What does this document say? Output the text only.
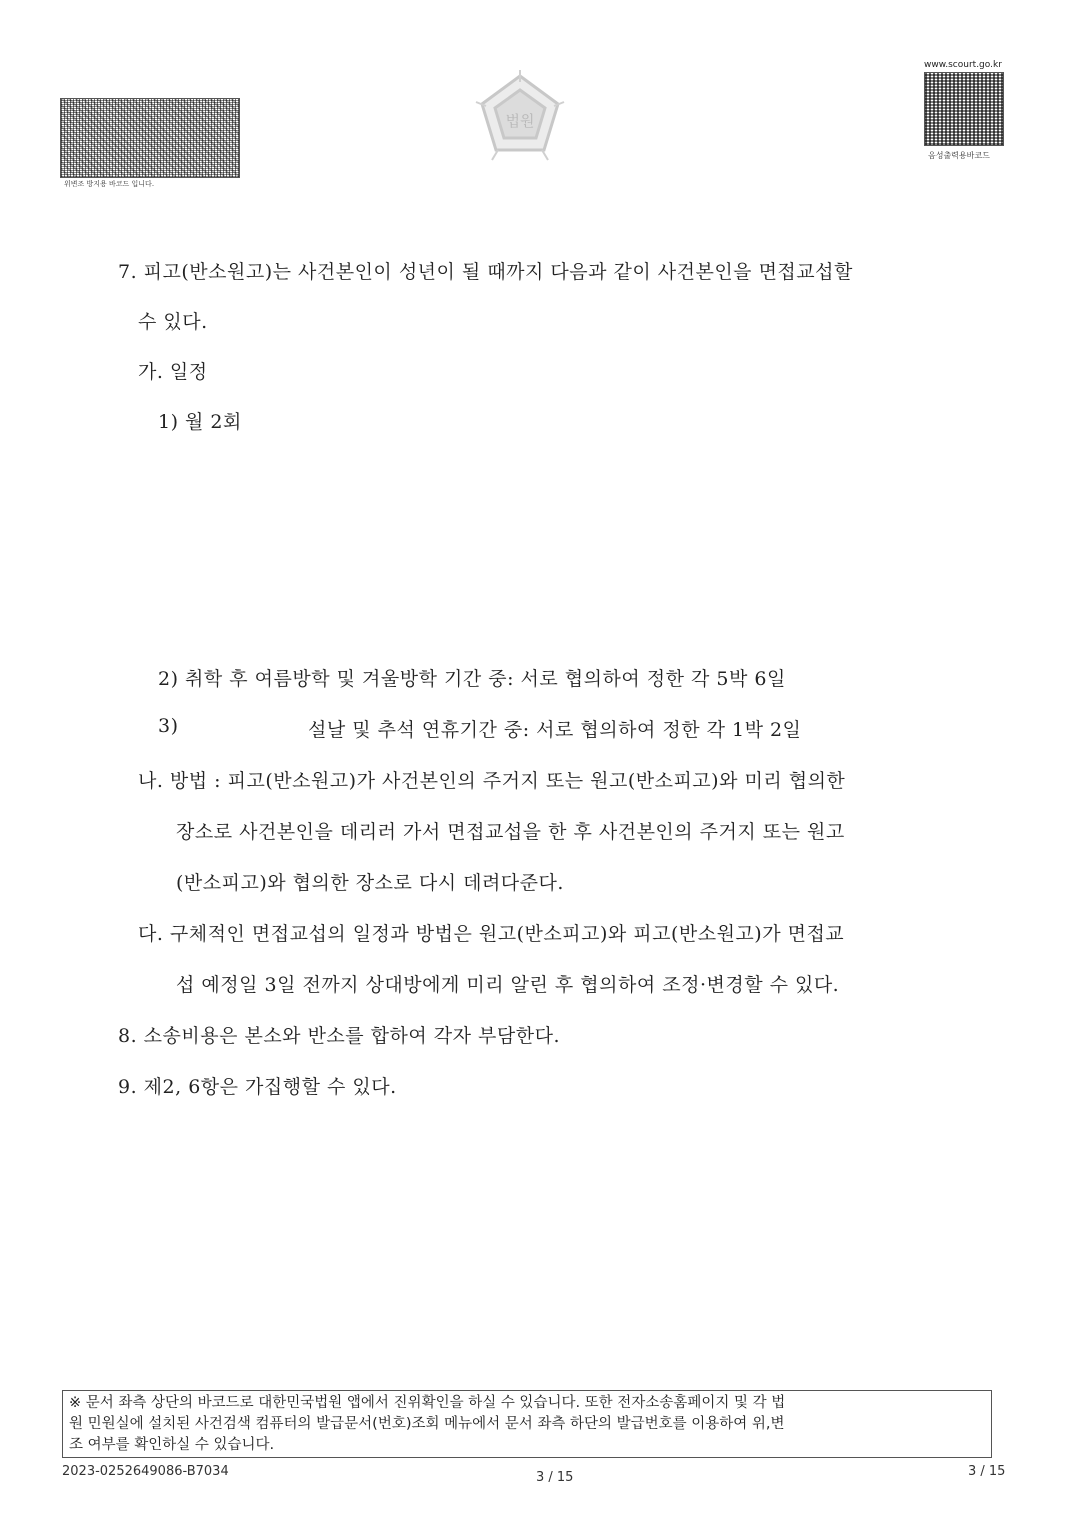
위변조 방지용 바코드 입니다.
법원
www.scourt.go.kr
음성출력용바코드
7. 피고(반소원고)는 사건본인이 성년이 될 때까지 다음과 같이 사건본인을 면접교섭할
수 있다.
가. 일정
1) 월 2회
2) 취학 후 여름방학 및 겨울방학 기간 중: 서로 협의하여 정한 각 5박 6일
3)	설날 및 추석 연휴기간 중: 서로 협의하여 정한 각 1박 2일
나. 방법 : 피고(반소원고)가 사건본인의 주거지 또는 원고(반소피고)와 미리 협의한
장소로 사건본인을 데리러 가서 면접교섭을 한 후 사건본인의 주거지 또는 원고
(반소피고)와 협의한 장소로 다시 데려다준다.
다. 구체적인 면접교섭의 일정과 방법은 원고(반소피고)와 피고(반소원고)가 면접교
섭 예정일 3일 전까지 상대방에게 미리 알린 후 협의하여 조정·변경할 수 있다.
8. 소송비용은 본소와 반소를 합하여 각자 부담한다.
9. 제2, 6항은 가집행할 수 있다.
※ 문서 좌측 상단의 바코드로 대한민국법원 앱에서 진위확인을 하실 수 있습니다. 또한 전자소송홈페이지 및 각 법
원 민원실에 설치된 사건검색 컴퓨터의 발급문서(번호)조회 메뉴에서 문서 좌측 하단의 발급번호를 이용하여 위,변
조 여부를 확인하실 수 있습니다.
2023-0252649086-B7034	3 / 15	3 / 15
